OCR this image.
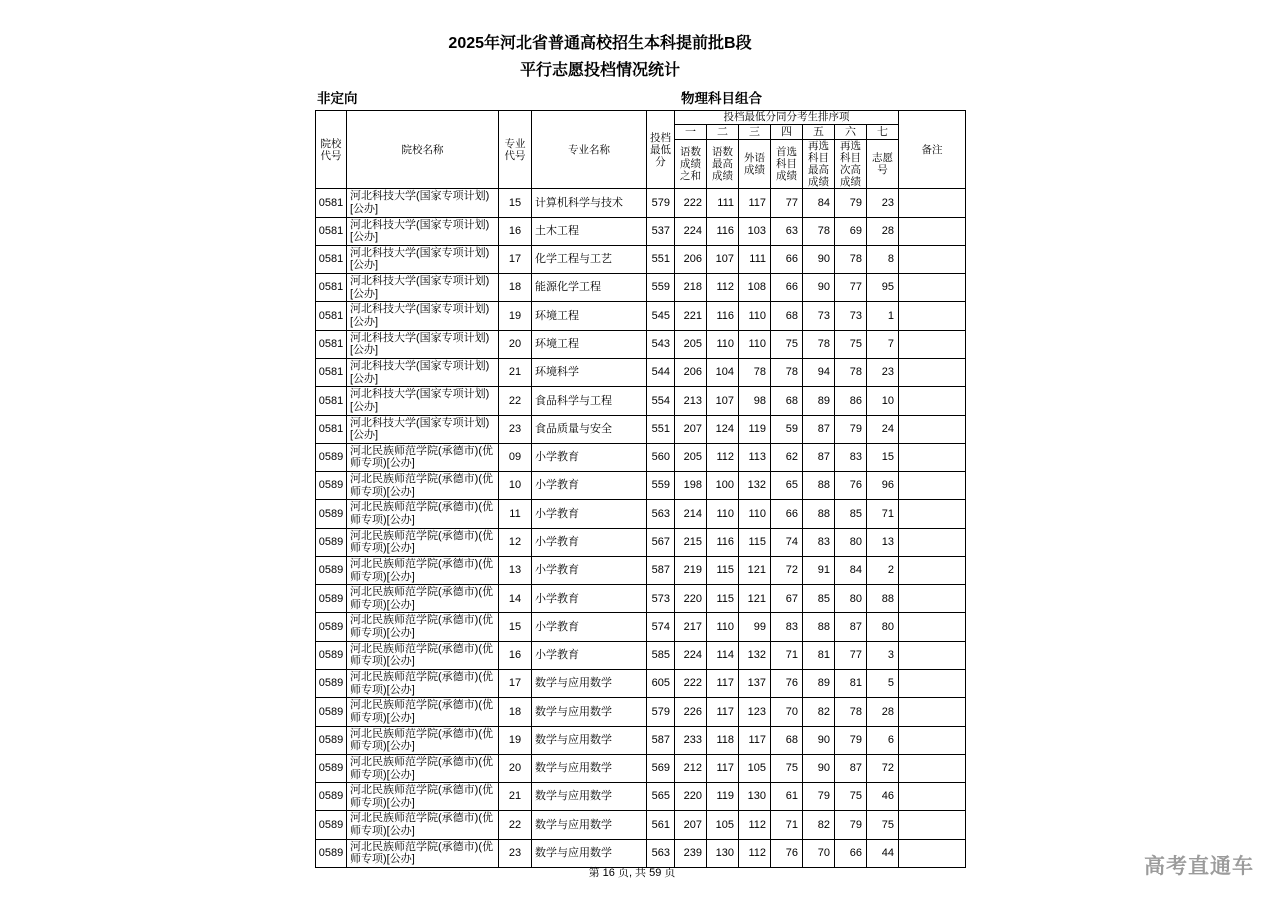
2025年河北省普通高校招生本科提前批B段
平行志愿投档情况统计
非定向	物理科目组合
院校代号	院校名称	专业代号	专业名称	投档最低分	投档最低分同分考生排序项							备注
					一	二	三	四	五	六	七	
					语数成绩之和	语数最高成绩	外语成绩	首选科目成绩	再选科目最高成绩	再选科目次高成绩	志愿号	
0581	河北科技大学(国家专项计划)[公办]	15	计算机科学与技术	579	222	111	117	77	84	79	23	
0581	河北科技大学(国家专项计划)[公办]	16	土木工程	537	224	116	103	63	78	69	28	
0581	河北科技大学(国家专项计划)[公办]	17	化学工程与工艺	551	206	107	111	66	90	78	8	
0581	河北科技大学(国家专项计划)[公办]	18	能源化学工程	559	218	112	108	66	90	77	95	
0581	河北科技大学(国家专项计划)[公办]	19	环境工程	545	221	116	110	68	73	73	1	
0581	河北科技大学(国家专项计划)[公办]	20	环境工程	543	205	110	110	75	78	75	7	
0581	河北科技大学(国家专项计划)[公办]	21	环境科学	544	206	104	78	78	94	78	23	
0581	河北科技大学(国家专项计划)[公办]	22	食品科学与工程	554	213	107	98	68	89	86	10	
0581	河北科技大学(国家专项计划)[公办]	23	食品质量与安全	551	207	124	119	59	87	79	24	
0589	河北民族师范学院(承德市)(优师专项)[公办]	09	小学教育	560	205	112	113	62	87	83	15	
0589	河北民族师范学院(承德市)(优师专项)[公办]	10	小学教育	559	198	100	132	65	88	76	96	
0589	河北民族师范学院(承德市)(优师专项)[公办]	11	小学教育	563	214	110	110	66	88	85	71	
0589	河北民族师范学院(承德市)(优师专项)[公办]	12	小学教育	567	215	116	115	74	83	80	13	
0589	河北民族师范学院(承德市)(优师专项)[公办]	13	小学教育	587	219	115	121	72	91	84	2	
0589	河北民族师范学院(承德市)(优师专项)[公办]	14	小学教育	573	220	115	121	67	85	80	88	
0589	河北民族师范学院(承德市)(优师专项)[公办]	15	小学教育	574	217	110	99	83	88	87	80	
0589	河北民族师范学院(承德市)(优师专项)[公办]	16	小学教育	585	224	114	132	71	81	77	3	
0589	河北民族师范学院(承德市)(优师专项)[公办]	17	数学与应用数学	605	222	117	137	76	89	81	5	
0589	河北民族师范学院(承德市)(优师专项)[公办]	18	数学与应用数学	579	226	117	123	70	82	78	28	
0589	河北民族师范学院(承德市)(优师专项)[公办]	19	数学与应用数学	587	233	118	117	68	90	79	6	
0589	河北民族师范学院(承德市)(优师专项)[公办]	20	数学与应用数学	569	212	117	105	75	90	87	72	
0589	河北民族师范学院(承德市)(优师专项)[公办]	21	数学与应用数学	565	220	119	130	61	79	75	46	
0589	河北民族师范学院(承德市)(优师专项)[公办]	22	数学与应用数学	561	207	105	112	71	82	79	75	
0589	河北民族师范学院(承德市)(优师专项)[公办]	23	数学与应用数学	563	239	130	112	76	70	66	44	
第 16 页, 共 59 页	高考直通车
